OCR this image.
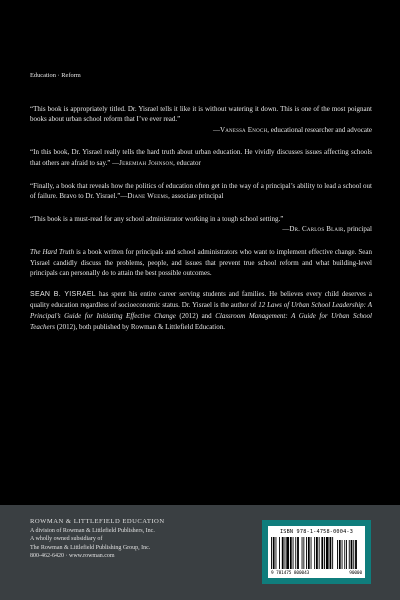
Education · Reform
“This book is appropriately titled. Dr. Yisrael tells it like it is without watering it down. This is one of the most poignant books about urban school reform that I’ve ever read.”
—Vanessa Enoch, educational researcher and advocate
“In this book, Dr. Yisrael really tells the hard truth about urban education. He vividly discusses issues affecting schools that others are afraid to say.” —Jeremiah Johnson, educator
“Finally, a book that reveals how the politics of education often get in the way of a principal’s ability to lead a school out of failure. Bravo to Dr. Yisrael.”—Diane Weems, associate principal
“This book is a must-read for any school administrator working in a tough school setting.”
—Dr. Carlos Blair, principal
The Hard Truth is a book written for principals and school administrators who want to implement effective change. Sean Yisrael candidly discuss the problems, people, and issues that prevent true school reform and what building-level principals can personally do to attain the best possible outcomes.
SEAN B. YISRAEL has spent his entire career serving students and families. He believes every child deserves a quality education regardless of socioeconomic status. Dr. Yisrael is the author of 12 Laws of Urban School Leadership: A Principal’s Guide for Initiating Effective Change (2012) and Classroom Management: A Guide for Urban School Teachers (2012), both published by Rowman & Littlefield Education.
ROWMAN & LITTLEFIELD EDUCATION
A division of Rowman & Littlefield Publishers, Inc.
A wholly owned subsidiary of
The Rowman & Littlefield Publishing Group, Inc.
800-462-6420 · www.rowman.com
ISBN 978-1-4758-0004-3
9 781475 800043	90000
